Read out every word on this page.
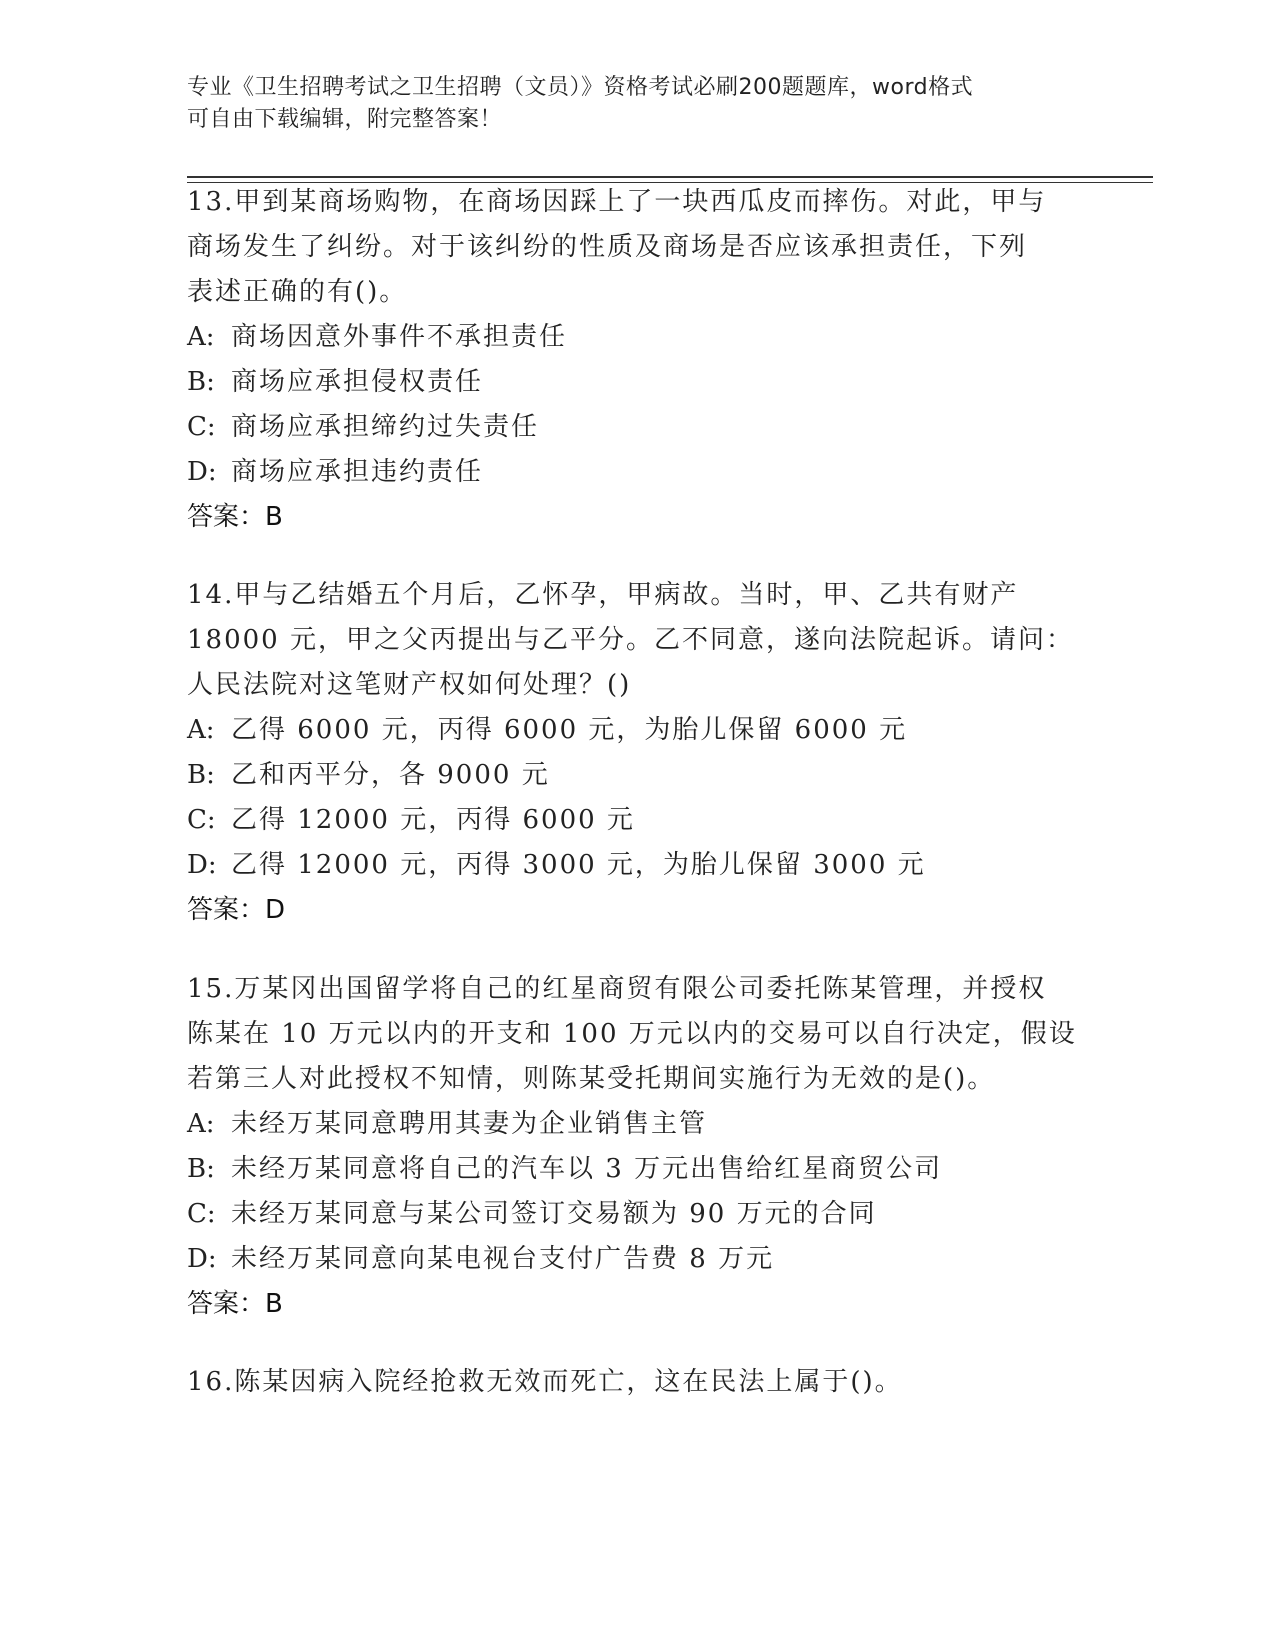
专业《卫生招聘考试之卫生招聘（文员）》资格考试必刷200题题库，word格式
可自由下载编辑，附完整答案！
13.甲到某商场购物，在商场因踩上了一块西瓜皮而摔伤。对此，甲与
商场发生了纠纷。对于该纠纷的性质及商场是否应该承担责任，下列
表述正确的有()。
A: 商场因意外事件不承担责任
B: 商场应承担侵权责任
C: 商场应承担缔约过失责任
D: 商场应承担违约责任
答案：B
14.甲与乙结婚五个月后，乙怀孕，甲病故。当时，甲、乙共有财产
18000 元，甲之父丙提出与乙平分。乙不同意，遂向法院起诉。请问：
人民法院对这笔财产权如何处理？()
A: 乙得 6000 元，丙得 6000 元，为胎儿保留 6000 元
B: 乙和丙平分，各 9000 元
C: 乙得 12000 元，丙得 6000 元
D: 乙得 12000 元，丙得 3000 元，为胎儿保留 3000 元
答案：D
15.万某冈出国留学将自己的红星商贸有限公司委托陈某管理，并授权
陈某在 10 万元以内的开支和 100 万元以内的交易可以自行决定，假设
若第三人对此授权不知情，则陈某受托期间实施行为无效的是()。
A: 未经万某同意聘用其妻为企业销售主管
B: 未经万某同意将自己的汽车以 3 万元出售给红星商贸公司
C: 未经万某同意与某公司签订交易额为 90 万元的合同
D: 未经万某同意向某电视台支付广告费 8 万元
答案：B
16.陈某因病入院经抢救无效而死亡，这在民法上属于()。
